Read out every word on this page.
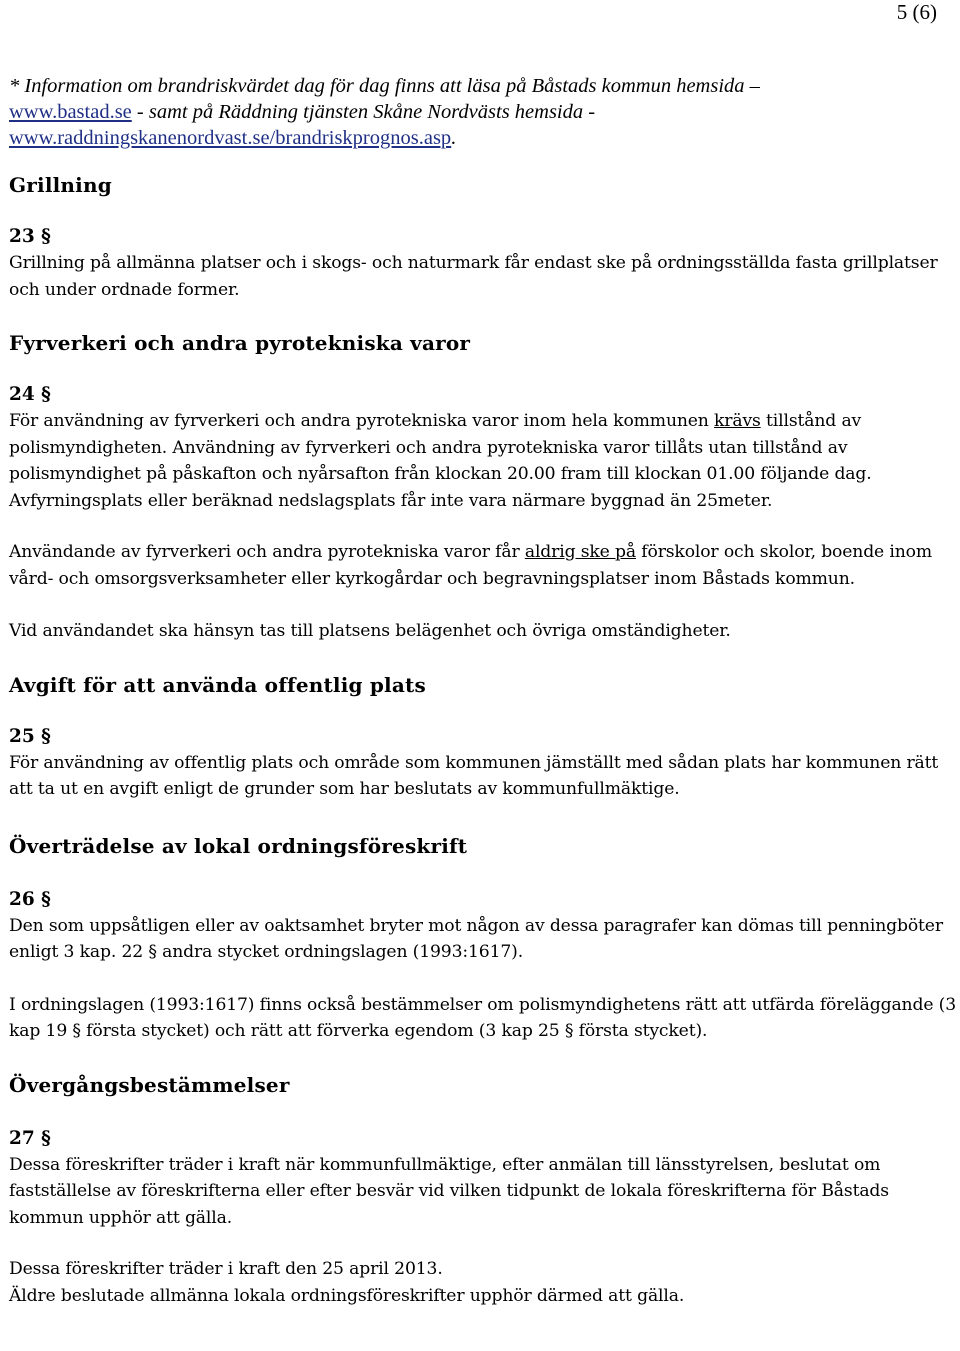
5 (6)

* Information om brandriskvärdet dag för dag finns att läsa på Båstads kommun hemsida –
www.bastad.se - samt på Räddning tjänsten Skåne Nordvästs hemsida -
www.raddningskanenordvast.se/brandriskprognos.asp.

Grillning

23 §

Grillning på allmänna platser och i skogs- och naturmark får endast ske på ordningsställda fasta grillplatser och under ordnade former.

Fyrverkeri och andra pyrotekniska varor

24 §

För användning av fyrverkeri och andra pyrotekniska varor inom hela kommunen krävs tillstånd av polismyndigheten. Användning av fyrverkeri och andra pyrotekniska varor tillåts utan tillstånd av polismyndighet på påskafton och nyårsafton från klockan 20.00 fram till klockan 01.00 följande dag. Avfyrningsplats eller beräknad nedslagsplats får inte vara närmare byggnad än 25meter.

Användande av fyrverkeri och andra pyrotekniska varor får aldrig ske på förskolor och skolor, boende inom vård- och omsorgsverksamheter eller kyrkogårdar och begravningsplatser inom Båstads kommun.

Vid användandet ska hänsyn tas till platsens belägenhet och övriga omständigheter.

Avgift för att använda offentlig plats

25 §

För användning av offentlig plats och område som kommunen jämställt med sådan plats har kommunen rätt att ta ut en avgift enligt de grunder som har beslutats av kommunfullmäktige.

Överträdelse av lokal ordningsföreskrift

26 §

Den som uppsåtligen eller av oaktsamhet bryter mot någon av dessa paragrafer kan dömas till penningböter enligt 3 kap. 22 § andra stycket ordningslagen (1993:1617).

I ordningslagen (1993:1617) finns också bestämmelser om polismyndighetens rätt att utfärda föreläggande (3 kap 19 § första stycket) och rätt att förverka egendom (3 kap 25 § första stycket).

Övergångsbestämmelser

27 §

Dessa föreskrifter träder i kraft när kommunfullmäktige, efter anmälan till länsstyrelsen, beslutat om fastställelse av föreskrifterna eller efter besvär vid vilken tidpunkt de lokala föreskrifterna för Båstads kommun upphör att gälla.

Dessa föreskrifter träder i kraft den 25 april 2013.
Äldre beslutade allmänna lokala ordningsföreskrifter upphör därmed att gälla.
